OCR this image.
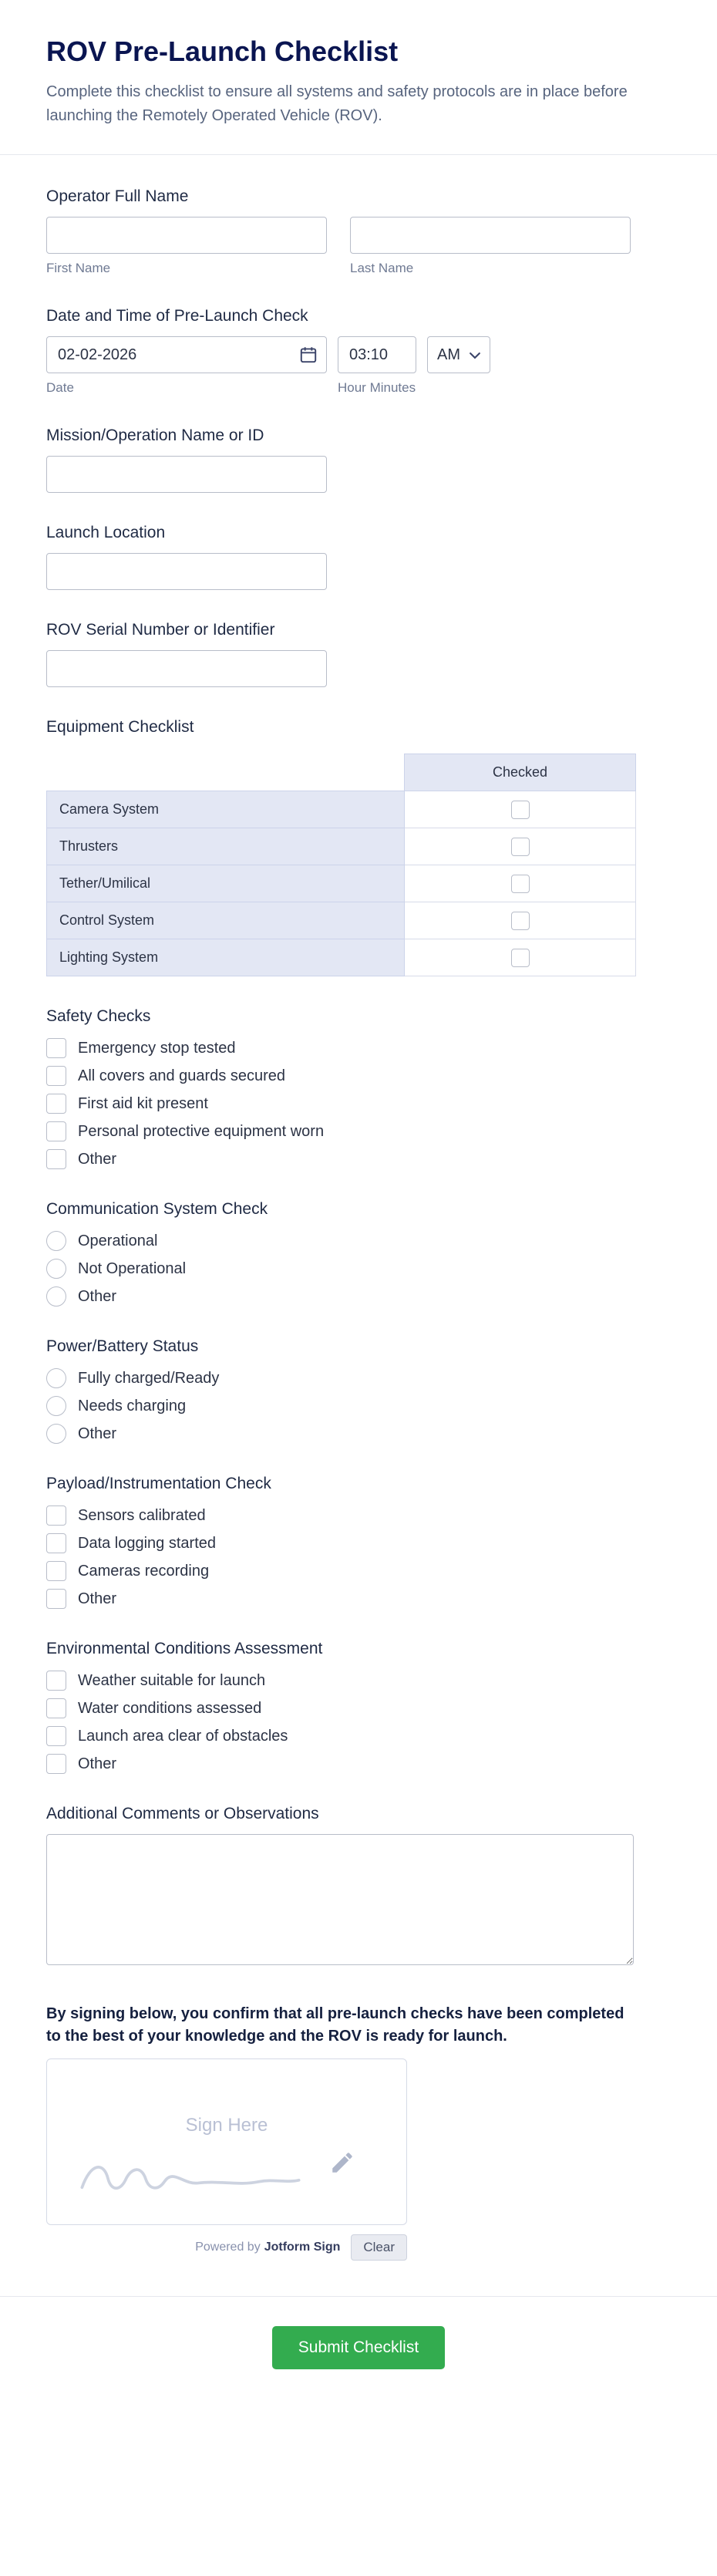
ROV Pre-Launch Checklist

Complete this checklist to ensure all systems and safety protocols are in place before launching the Remotely Operated Vehicle (ROV).

Operator Full Name
First Name	Last Name
Date and Time of Pre-Launch Check
02-02-2026
Date
03:10	Hour Minutes
AM
Mission/Operation Name or ID
Launch Location
ROV Serial Number or Identifier
Equipment Checklist
	Checked
Camera System	
Thrusters	
Tether/Umilical	
Control System	
Lighting System	
Safety Checks
Emergency stop tested
All covers and guards secured
First aid kit present
Personal protective equipment worn
Other
Communication System Check
Operational
Not Operational
Other
Power/Battery Status
Fully charged/Ready
Needs charging
Other
Payload/Instrumentation Check
Sensors calibrated
Data logging started
Cameras recording
Other
Environmental Conditions Assessment
Weather suitable for launch
Water conditions assessed
Launch area clear of obstacles
Other
Additional Comments or Observations
By signing below, you confirm that all pre-launch checks have been completed to the best of your knowledge and the ROV is ready for launch.
Sign Here
Powered by Jotform Sign	Clear
Submit Checklist
